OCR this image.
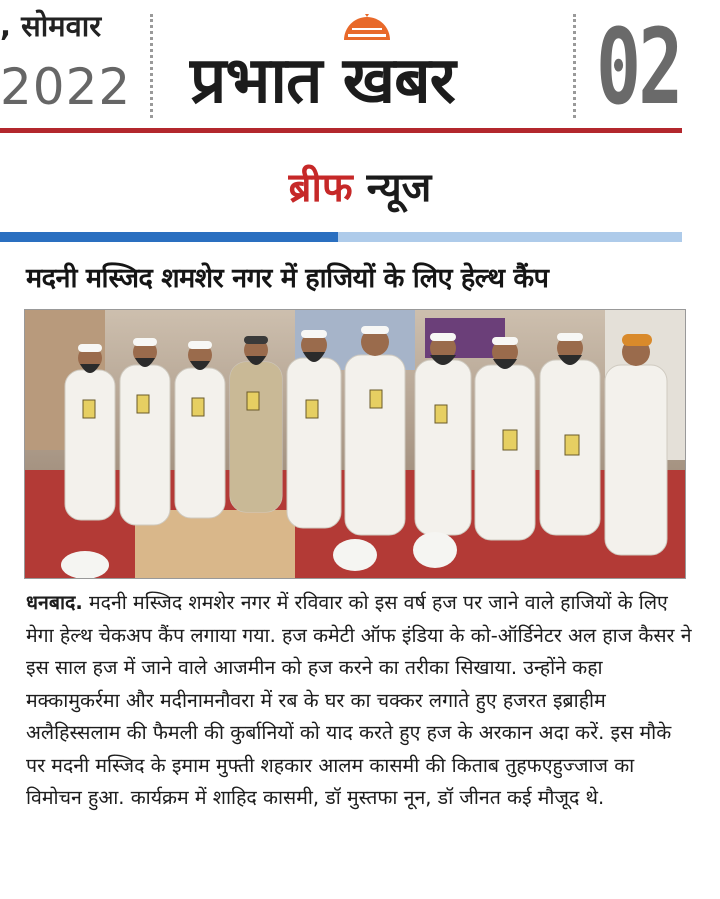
, सोमवार
2022 प्रभात खबर 02
ब्रीफ न्यूज
मदनी मस्जिद शमशेर नगर में हाजियों के लिए हेल्थ कैंप

धनबाद. मदनी मस्जिद शमशेर नगर में रविवार को इस वर्ष हज पर जाने वाले हाजियों के लिए मेगा हेल्थ चेकअप कैंप लगाया गया. हज कमेटी ऑफ इंडिया के को-ऑर्डिनेटर अल हाज कैसर ने इस साल हज में जाने वाले आजमीन को हज करने का तरीका सिखाया. उन्होंने कहा मक्कामुकर्रमा और मदीनामनौवरा में रब के घर का चक्कर लगाते हुए हजरत इब्राहीम अलैहिस्सलाम की फैमली की कुर्बानियों को याद करते हुए हज के अरकान अदा करें. इस मौके पर मदनी मस्जिद के इमाम मुफ्ती शहकार आलम कासमी की किताब तुहफएहुज्जाज का विमोचन हुआ. कार्यक्रम में शाहिद कासमी, डॉ मुस्तफा नून, डॉ जीनत कई मौजूद थे.
